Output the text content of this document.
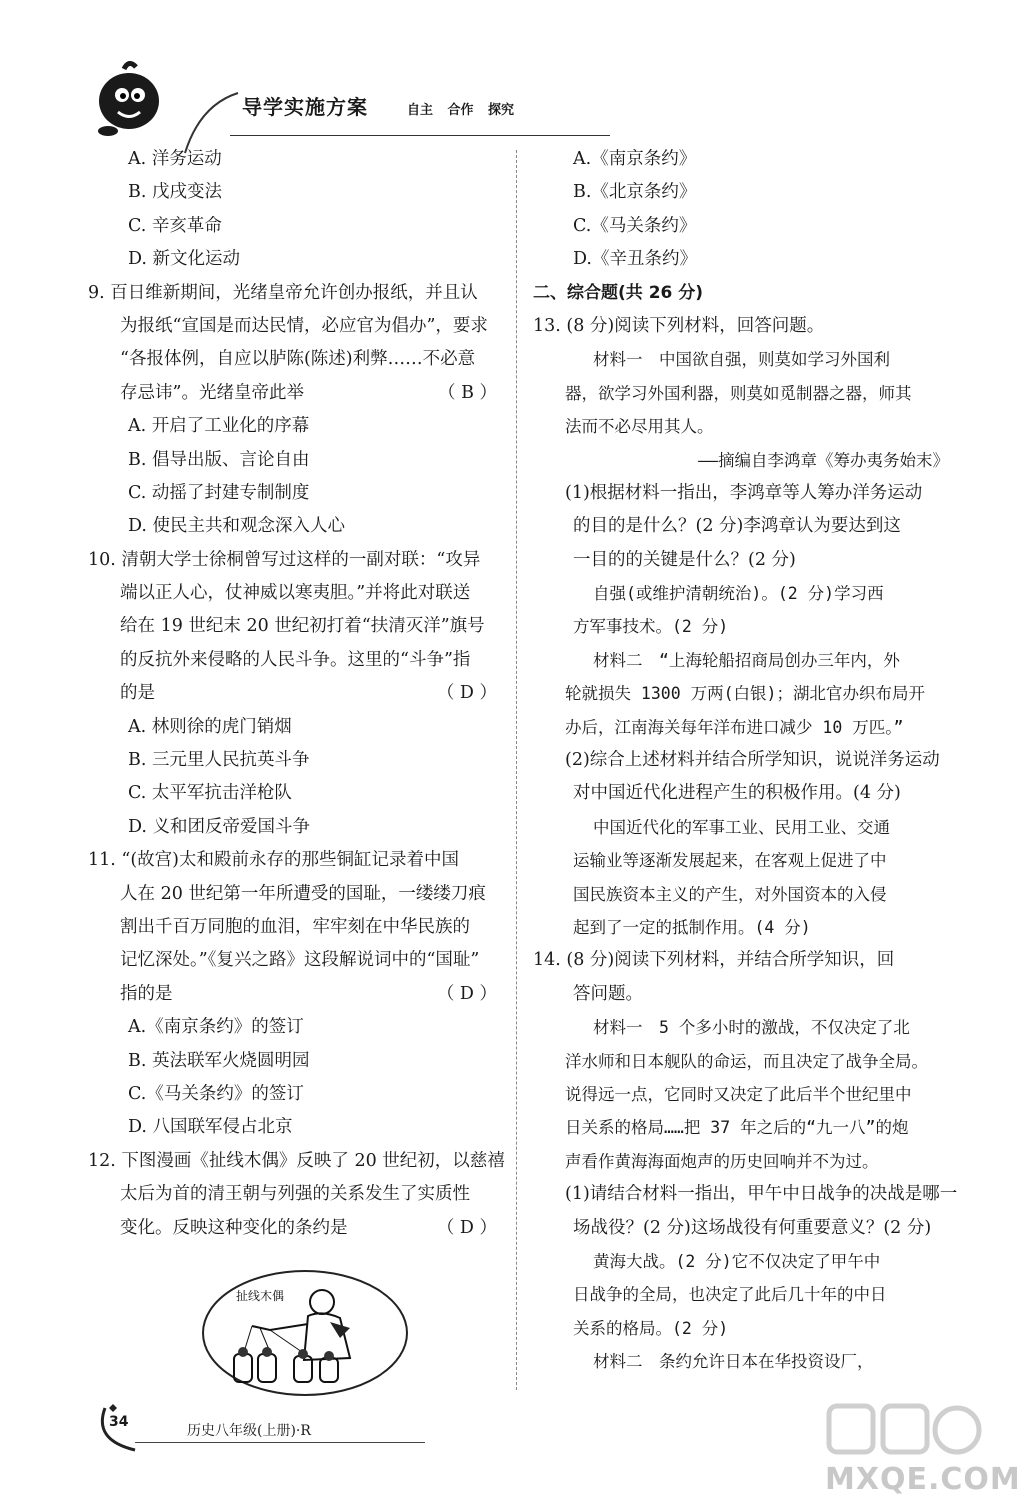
导学实施方案	自主 合作 探究
A. 洋务运动
B. 戊戌变法
C. 辛亥革命
D. 新文化运动
9. 百日维新期间，光绪皇帝允许创办报纸，并且认
为报纸“宣国是而达民情，必应官为倡办”，要求
“各报体例，自应以胪陈(陈述)利弊……不必意
存忌讳”。光绪皇帝此举	（ B ）
A. 开启了工业化的序幕
B. 倡导出版、言论自由
C. 动摇了封建专制制度
D. 使民主共和观念深入人心
10. 清朝大学士徐桐曾写过这样的一副对联：“攻异
端以正人心，仗神威以寒夷胆。”并将此对联送
给在 19 世纪末 20 世纪初打着“扶清灭洋”旗号
的反抗外来侵略的人民斗争。这里的“斗争”指
的是	（ D ）
A. 林则徐的虎门销烟
B. 三元里人民抗英斗争
C. 太平军抗击洋枪队
D. 义和团反帝爱国斗争
11. “(故宫)太和殿前永存的那些铜缸记录着中国
人在 20 世纪第一年所遭受的国耻，一缕缕刀痕
割出千百万同胞的血泪，牢牢刻在中华民族的
记忆深处。”《复兴之路》这段解说词中的“国耻”
指的是	（ D ）
A.《南京条约》的签订
B. 英法联军火烧圆明园
C.《马关条约》的签订
D. 八国联军侵占北京
12. 下图漫画《扯线木偶》反映了 20 世纪初，以慈禧
太后为首的清王朝与列强的关系发生了实质性
变化。反映这种变化的条约是	（ D ）
扯线木偶
A.《南京条约》
B.《北京条约》
C.《马关条约》
D.《辛丑条约》
二、综合题(共 26 分)
13. (8 分)阅读下列材料，回答问题。
材料一　中国欲自强，则莫如学习外国利
器，欲学习外国利器，则莫如觅制器之器，师其
法而不必尽用其人。
——摘编自李鸿章《筹办夷务始末》
(1)根据材料一指出，李鸿章等人筹办洋务运动
的目的是什么？(2 分)李鸿章认为要达到这
一目的的关键是什么？(2 分)
自强(或维护清朝统治)。(2 分)学习西
方军事技术。(2 分)
材料二　“上海轮船招商局创办三年内，外
轮就损失 1300 万两(白银)；湖北官办织布局开
办后，江南海关每年洋布进口减少 10 万匹。”
(2)综合上述材料并结合所学知识，说说洋务运动
对中国近代化进程产生的积极作用。(4 分)
中国近代化的军事工业、民用工业、交通
运输业等逐渐发展起来，在客观上促进了中
国民族资本主义的产生，对外国资本的入侵
起到了一定的抵制作用。(4 分)
14. (8 分)阅读下列材料，并结合所学知识，回
答问题。
材料一　5 个多小时的激战，不仅决定了北
洋水师和日本舰队的命运，而且决定了战争全局。
说得远一点，它同时又决定了此后半个世纪里中
日关系的格局……把 37 年之后的“九一八”的炮
声看作黄海海面炮声的历史回响并不为过。
(1)请结合材料一指出，甲午中日战争的决战是哪一
场战役？(2 分)这场战役有何重要意义？(2 分)
黄海大战。(2 分)它不仅决定了甲午中
日战争的全局，也决定了此后几十年的中日
关系的格局。(2 分)
材料二　条约允许日本在华投资设厂，
34
历史八年级(上册)·R
MXQE.COM
